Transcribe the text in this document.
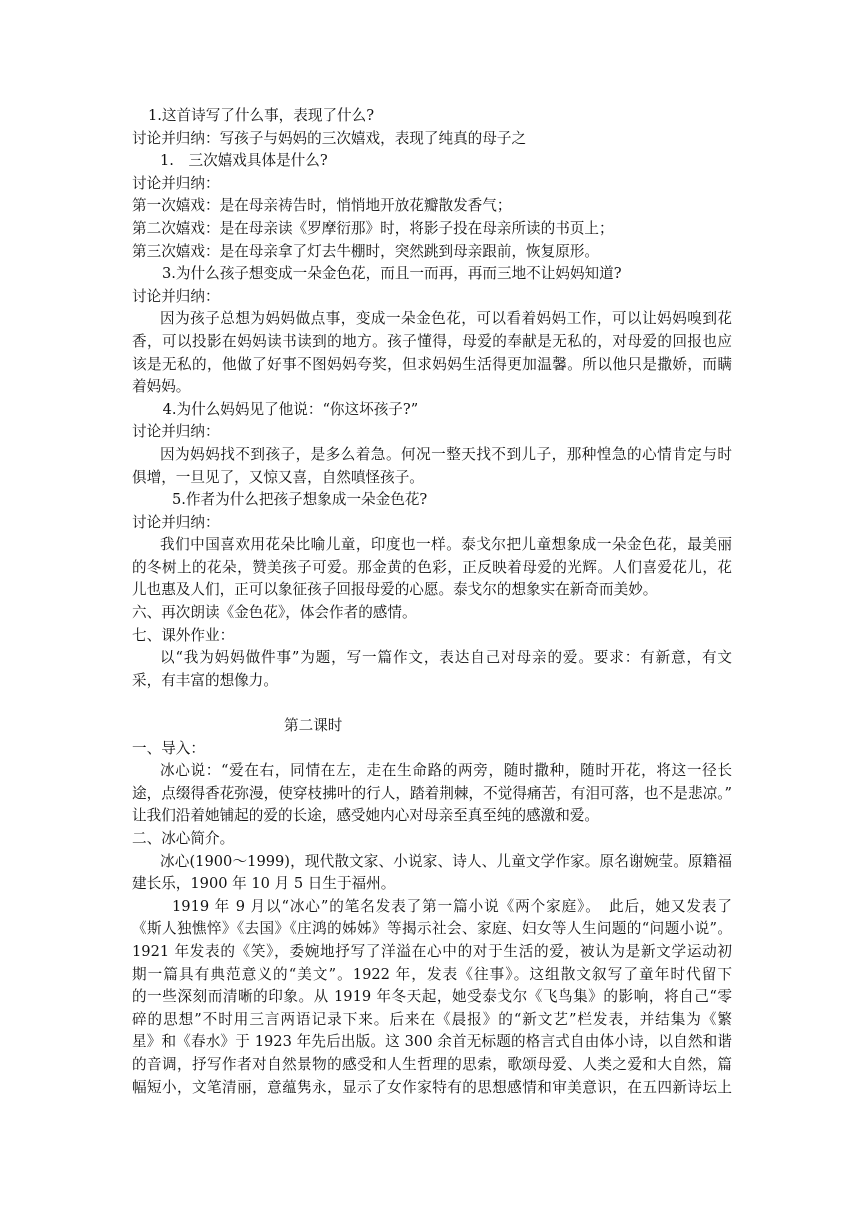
1.这首诗写了什么事，表现了什么?
讨论并归纳：写孩子与妈妈的三次嬉戏，表现了纯真的母子之
1.　三次嬉戏具体是什么?
讨论并归纳：
第一次嬉戏：是在母亲祷告时，悄悄地开放花瓣散发香气；
第二次嬉戏：是在母亲读《罗摩衍那》时，将影子投在母亲所读的书页上；
第三次嬉戏：是在母亲拿了灯去牛棚时，突然跳到母亲跟前，恢复原形。
3.为什么孩子想变成一朵金色花，而且一而再，再而三地不让妈妈知道?
讨论并归纳：
因为孩子总想为妈妈做点事，变成一朵金色花，可以看着妈妈工作，可以让妈妈嗅到花
香，可以投影在妈妈读书读到的地方。孩子懂得，母爱的奉献是无私的，对母爱的回报也应
该是无私的，他做了好事不图妈妈夸奖，但求妈妈生活得更加温馨。所以他只是撒娇，而瞒
着妈妈。
　4.为什么妈妈见了他说：“你这坏孩子?”
讨论并归纳：
因为妈妈找不到孩子，是多么着急。何况一整天找不到儿子，那种惶急的心情肯定与时
俱增，一旦见了，又惊又喜，自然嗔怪孩子。
5.作者为什么把孩子想象成一朵金色花?
讨论并归纳：
我们中国喜欢用花朵比喻儿童，印度也一样。泰戈尔把儿童想象成一朵金色花，最美丽
的冬树上的花朵，赞美孩子可爱。那金黄的色彩，正反映着母爱的光辉。人们喜爱花儿，花
儿也惠及人们，正可以象征孩子回报母爱的心愿。泰戈尔的想象实在新奇而美妙。
六、再次朗读《金色花》，体会作者的感情。
七、课外作业：
以“我为妈妈做件事”为题，写一篇作文，表达自己对母亲的爱。要求：有新意，有文
采，有丰富的想像力。
第二课时
一、导入：
冰心说：“爱在右，同情在左，走在生命路的两旁，随时撒种，随时开花，将这一径长
途，点缀得香花弥漫，使穿枝拂叶的行人，踏着荆棘，不觉得痛苦，有泪可落，也不是悲凉。”
让我们沿着她铺起的爱的长途，感受她内心对母亲至真至纯的感激和爱。
二、冰心简介。
冰心(1900～1999)，现代散文家、小说家、诗人、儿童文学作家。原名谢婉莹。原籍福
建长乐，1900 年 10 月 5 日生于福州。
1919 年 9 月以“冰心”的笔名发表了第一篇小说《两个家庭》。　此后，她又发表了
《斯人独憔悴》《去国》《庄鸿的姊姊》等揭示社会、家庭、妇女等人生问题的“问题小说”。
1921 年发表的《笑》，委婉地抒写了洋溢在心中的对于生活的爱，被认为是新文学运动初
期一篇具有典范意义的“美文”。1922 年，发表《往事》。这组散文叙写了童年时代留下
的一些深刻而清晰的印象。从 1919 年冬天起，她受泰戈尔《飞鸟集》的影响，将自己“零
碎的思想”不时用三言两语记录下来。后来在《晨报》的“新文艺”栏发表，并结集为《繁
星》和《春水》于 1923 年先后出版。这 300 余首无标题的格言式自由体小诗，以自然和谐
的音调，抒写作者对自然景物的感受和人生哲理的思索，歌颂母爱、人类之爱和大自然，篇
幅短小，文笔清丽，意蕴隽永，显示了女作家特有的思想感情和审美意识，在五四新诗坛上
